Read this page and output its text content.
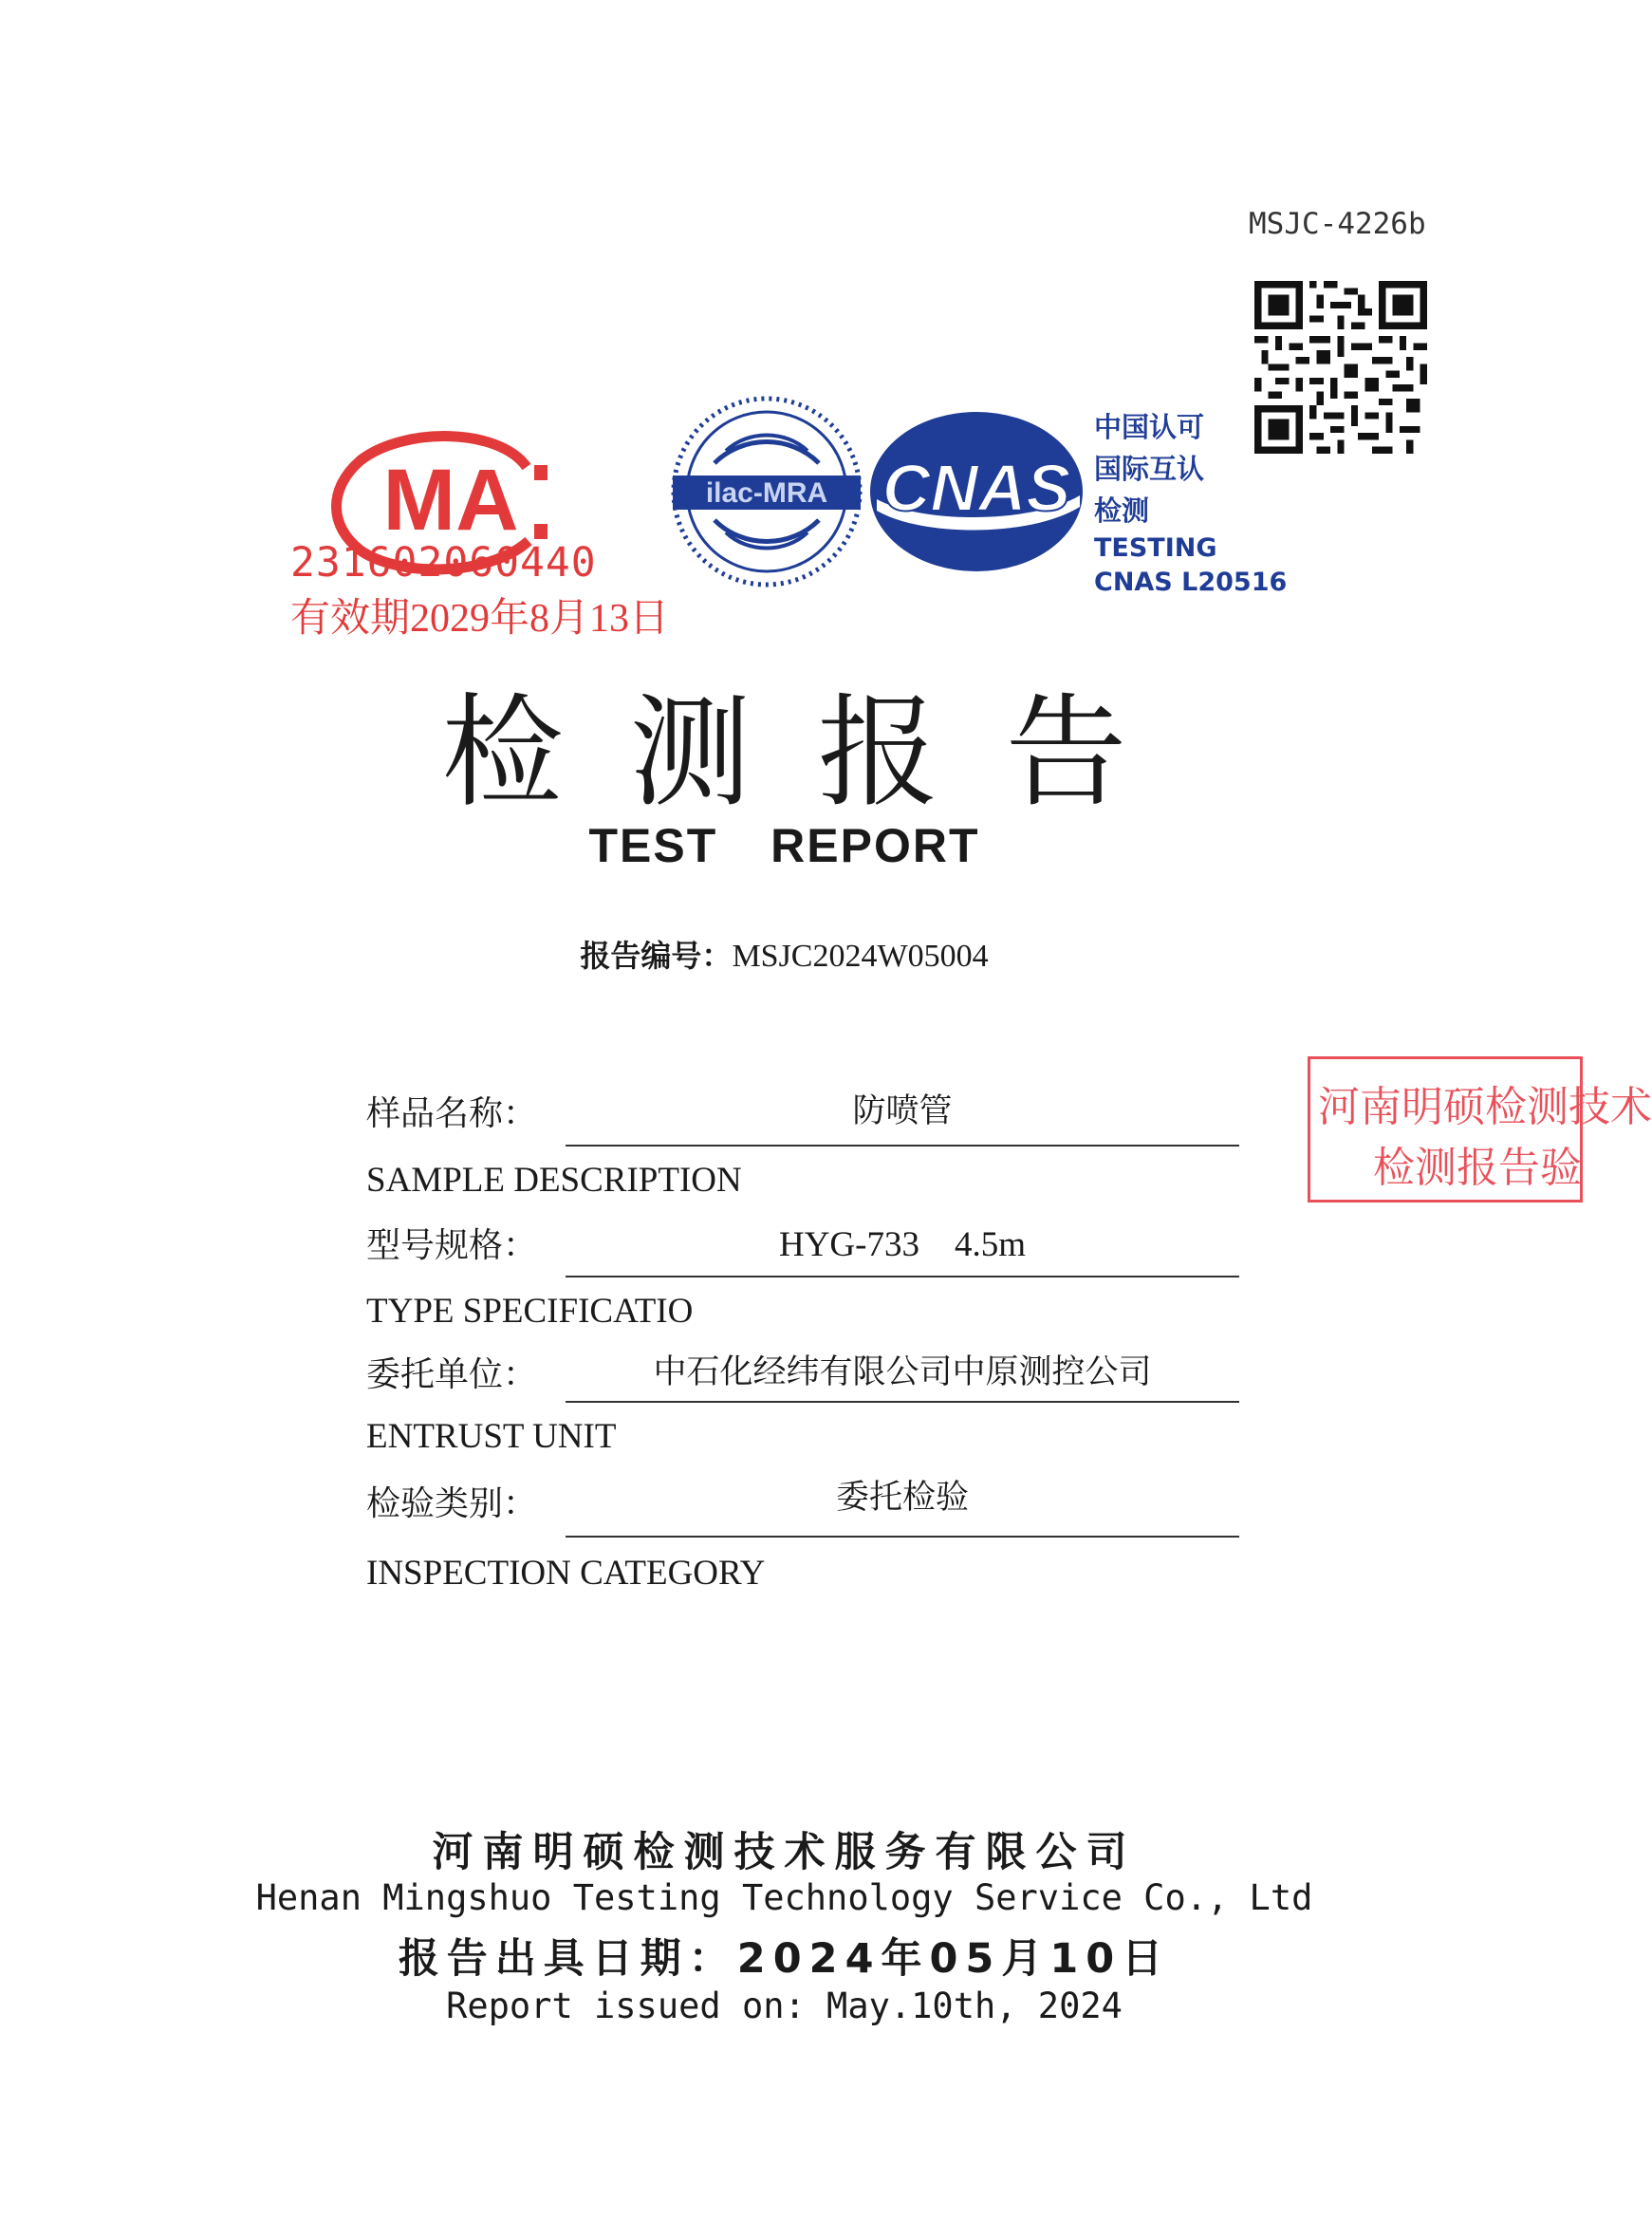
MSJC-4226b
MA
231602060440
有效期2029年8月13日
ilac-MRA CNAS
中国认可
国际互认
检测
TESTING
CNAS L20516
检测报告
TEST REPORT
报告编号：MSJC2024W05004
河南明硕检测技术
检测报告验
样品名称：	防喷管
SAMPLE DESCRIPTION
型号规格：	HYG-733　4.5m
TYPE SPECIFICATIO
委托单位：	中石化经纬有限公司中原测控公司
ENTRUST UNIT
检验类别：	委托检验
INSPECTION CATEGORY
河南明硕检测技术服务有限公司
Henan Mingshuo Testing Technology Service Co., Ltd
报告出具日期：2024年05月10日
Report issued on: May.10th, 2024
